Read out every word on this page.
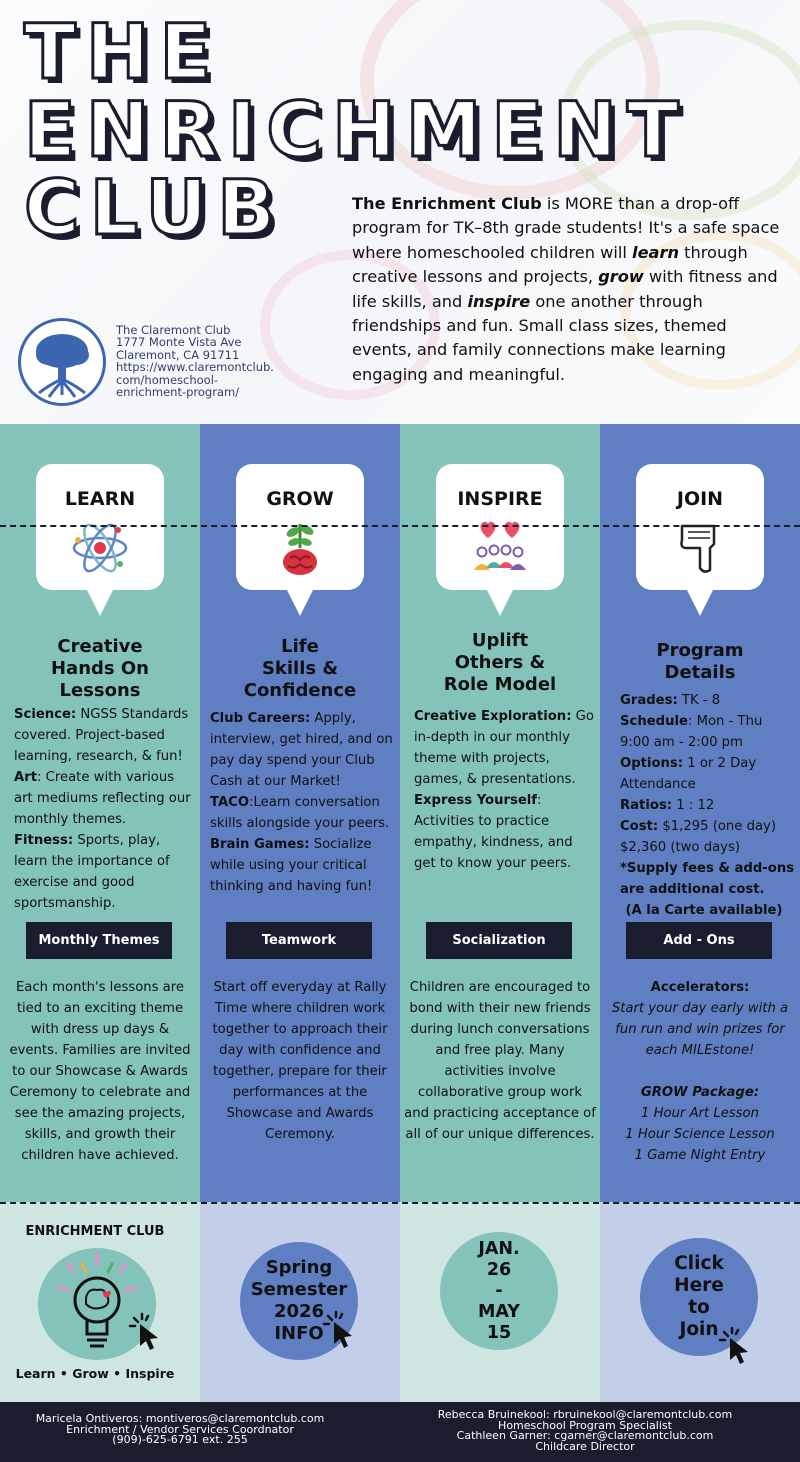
THE
ENRICHMENT
CLUB	The Enrichment Club is MORE than a drop-off program for TK–8th grade students! It's a safe space where homeschooled children will learn through creative lessons and projects, grow with fitness and life skills, and inspire one another through friendships and fun. Small class sizes, themed events, and family connections make learning engaging and meaningful.
The Claremont Club
1777 Monte Vista Ave
Claremont, CA 91711
https://www.claremontclub.
com/homeschool-
enrichment-program/
LEARN
Creative
Hands On
Lessons
Science: NGSS Standards covered. Project-based learning, research, & fun!
Art: Create with various art mediums reflecting our monthly themes.
Fitness: Sports, play, learn the importance of exercise and good sportsmanship.
Monthly Themes
Each month's lessons are tied to an exciting theme with dress up days & events. Families are invited to our Showcase & Awards Ceremony to celebrate and see the amazing projects, skills, and growth their children have achieved.
GROW
Life
Skills &
Confidence
Club Careers: Apply, interview, get hired, and on pay day spend your Club Cash at our Market!
TACO:Learn conversation skills alongside your peers.
Brain Games: Socialize while using your critical thinking and having fun!
Teamwork
Start off everyday at Rally Time where children work together to approach their day with confidence and together, prepare for their performances at the Showcase and Awards Ceremony.
INSPIRE
Uplift
Others &
Role Model
Creative Exploration: Go in-depth in our monthly theme with projects, games, & presentations.
Express Yourself: Activities to practice empathy, kindness, and get to know your peers.
Socialization
Children are encouraged to bond with their new friends during lunch conversations and free play. Many activities involve collaborative group work and practicing acceptance of all of our unique differences.
JOIN
Program
Details
Grades: TK - 8
Schedule: Mon - Thu
9:00 am - 2:00 pm
Options: 1 or 2 Day Attendance
Ratios: 1 : 12
Cost: $1,295 (one day)
$2,360 (two days)
*Supply fees & add-ons are additional cost.

(A la Carte available)
Add - Ons
Accelerators:
Start your day early with a fun run and win prizes for each MILEstone!

GROW Package:
1 Hour Art Lesson
1 Hour Science Lesson
1 Game Night Entry
ENRICHMENT CLUB
Learn • Grow • Inspire
Spring
Semester
2026
INFO
JAN.
26
-
MAY
15
Click
Here
to
Join
Maricela Ontiveros: montiveros@claremontclub.com
Enrichment / Vendor Services Coordnator
(909)-625-6791 ext. 255
Rebecca Bruinekool: rbruinekool@claremontclub.com
Homeschool Program Specialist
Cathleen Garner: cgarner@claremontclub.com
Childcare Director
